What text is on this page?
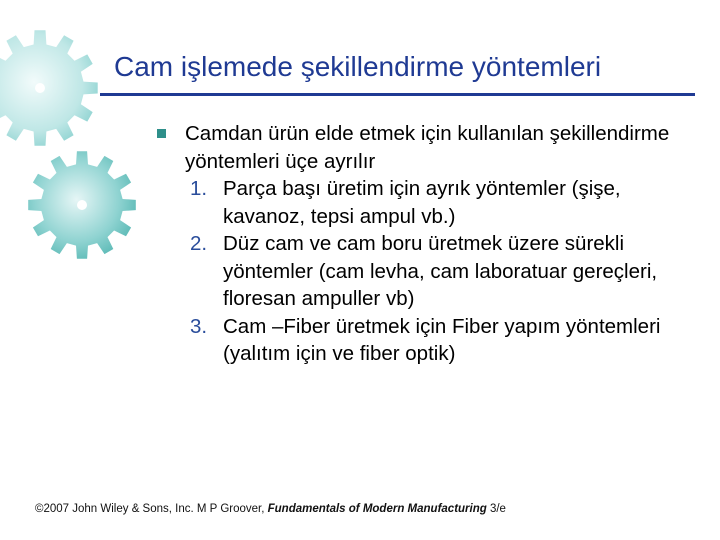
Cam işlemede şekillendirme yöntemleri
Camdan ürün elde etmek için kullanılan şekillendirme yöntemleri üçe ayrılır
1. Parça başı üretim için ayrık yöntemler (şişe, kavanoz, tepsi ampul vb.)
2. Düz cam ve cam boru üretmek üzere sürekli yöntemler (cam levha, cam laboratuar gereçleri, floresan ampuller vb)
3. Cam –Fiber üretmek için Fiber yapım yöntemleri (yalıtım için ve fiber optik)
©2007 John Wiley & Sons, Inc. M P Groover, Fundamentals of Modern Manufacturing 3/e
